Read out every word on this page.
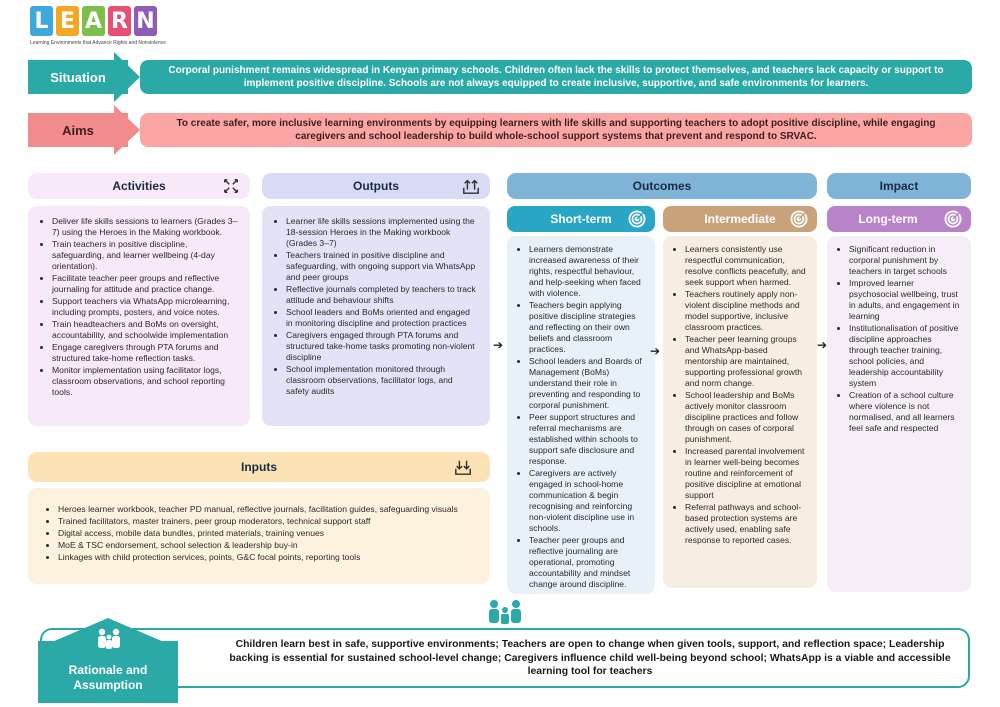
L E A R N
Learning Environments that Advance Rights and Nonviolence
Situation	Corporal punishment remains widespread in Kenyan primary schools. Children often lack the skills to protect themselves, and teachers lack capacity or support to implement positive discipline. Schools are not always equipped to create inclusive, supportive, and safe environments for learners.
Aims	To create safer, more inclusive learning environments by equipping learners with life skills and supporting teachers to adopt positive discipline, while engaging caregivers and school leadership to build whole-school support systems that prevent and respond to SRVAC.
Activities
• Deliver life skills sessions to learners (Grades 3–7) using the Heroes in the Making workbook.
• Train teachers in positive discipline, safeguarding, and learner wellbeing (4-day orientation).
• Facilitate teacher peer groups and reflective journaling for attitude and practice change.
• Support teachers via WhatsApp microlearning, including prompts, posters, and voice notes.
• Train headteachers and BoMs on oversight, accountability, and schoolwide implementation
• Engage caregivers through PTA forums and structured take-home reflection tasks.
• Monitor implementation using facilitator logs, classroom observations, and school reporting tools.
Outputs
• Learner life skills sessions implemented using the 18-session Heroes in the Making workbook (Grades 3–7)
• Teachers trained in positive discipline and safeguarding, with ongoing support via WhatsApp and peer groups
• Reflective journals completed by teachers to track attitude and behaviour shifts
• School leaders and BoMs oriented and engaged in monitoring discipline and protection practices
• Caregivers engaged through PTA forums and structured take-home tasks promoting non-violent discipline
• School implementation monitored through classroom observations, facilitator logs, and safety audits
Inputs
• Heroes learner workbook, teacher PD manual, reflective journals, facilitation guides, safeguarding visuals
• Trained facilitators, master trainers, peer group moderators, technical support staff
• Digital access, mobile data bundles, printed materials, training venues
• MoE & TSC endorsement, school selection & leadership buy-in
• Linkages with child protection services, points, G&C focal points, reporting tools
Outcomes
Short-term
• Learners demonstrate increased awareness of their rights, respectful behaviour, and help-seeking when faced with violence.
• Teachers begin applying positive discipline strategies and reflecting on their own beliefs and classroom practices.
• School leaders and Boards of Management (BoMs) understand their role in preventing and responding to corporal punishment.
• Peer support structures and referral mechanisms are established within schools to support safe disclosure and response.
• Caregivers are actively engaged in school-home communication & begin recognising and reinforcing non-violent discipline use in schools.
• Teacher peer groups and reflective journaling are operational, promoting accountability and mindset change around discipline.
Intermediate
• Learners consistently use respectful communication, resolve conflicts peacefully, and seek support when harmed.
• Teachers routinely apply non-violent discipline methods and model supportive, inclusive classroom practices.
• Teacher peer learning groups and WhatsApp-based mentorship are maintained, supporting professional growth and norm change.
• School leadership and BoMs actively monitor classroom discipline practices and follow through on cases of corporal punishment.
• Increased parental involvement in learner well-being becomes routine and reinforcement of positive discipline at emotional support
• Referral pathways and school-based protection systems are actively used, enabling safe response to reported cases.
Impact
Long-term
• Significant reduction in corporal punishment by teachers in target schools
• Improved learner psychosocial wellbeing, trust in adults, and engagement in learning
• Institutionalisation of positive discipline approaches through teacher training, school policies, and leadership accountability system
• Creation of a school culture where violence is not normalised, and all learners feel safe and respected
➔	➔	➔
Children learn best in safe, supportive environments; Teachers are open to change when given tools, support, and reflection space; Leadership backing is essential for sustained school-level change; Caregivers influence child well-being beyond school; WhatsApp is a viable and accessible learning tool for teachers
Rationale and
Assumption
